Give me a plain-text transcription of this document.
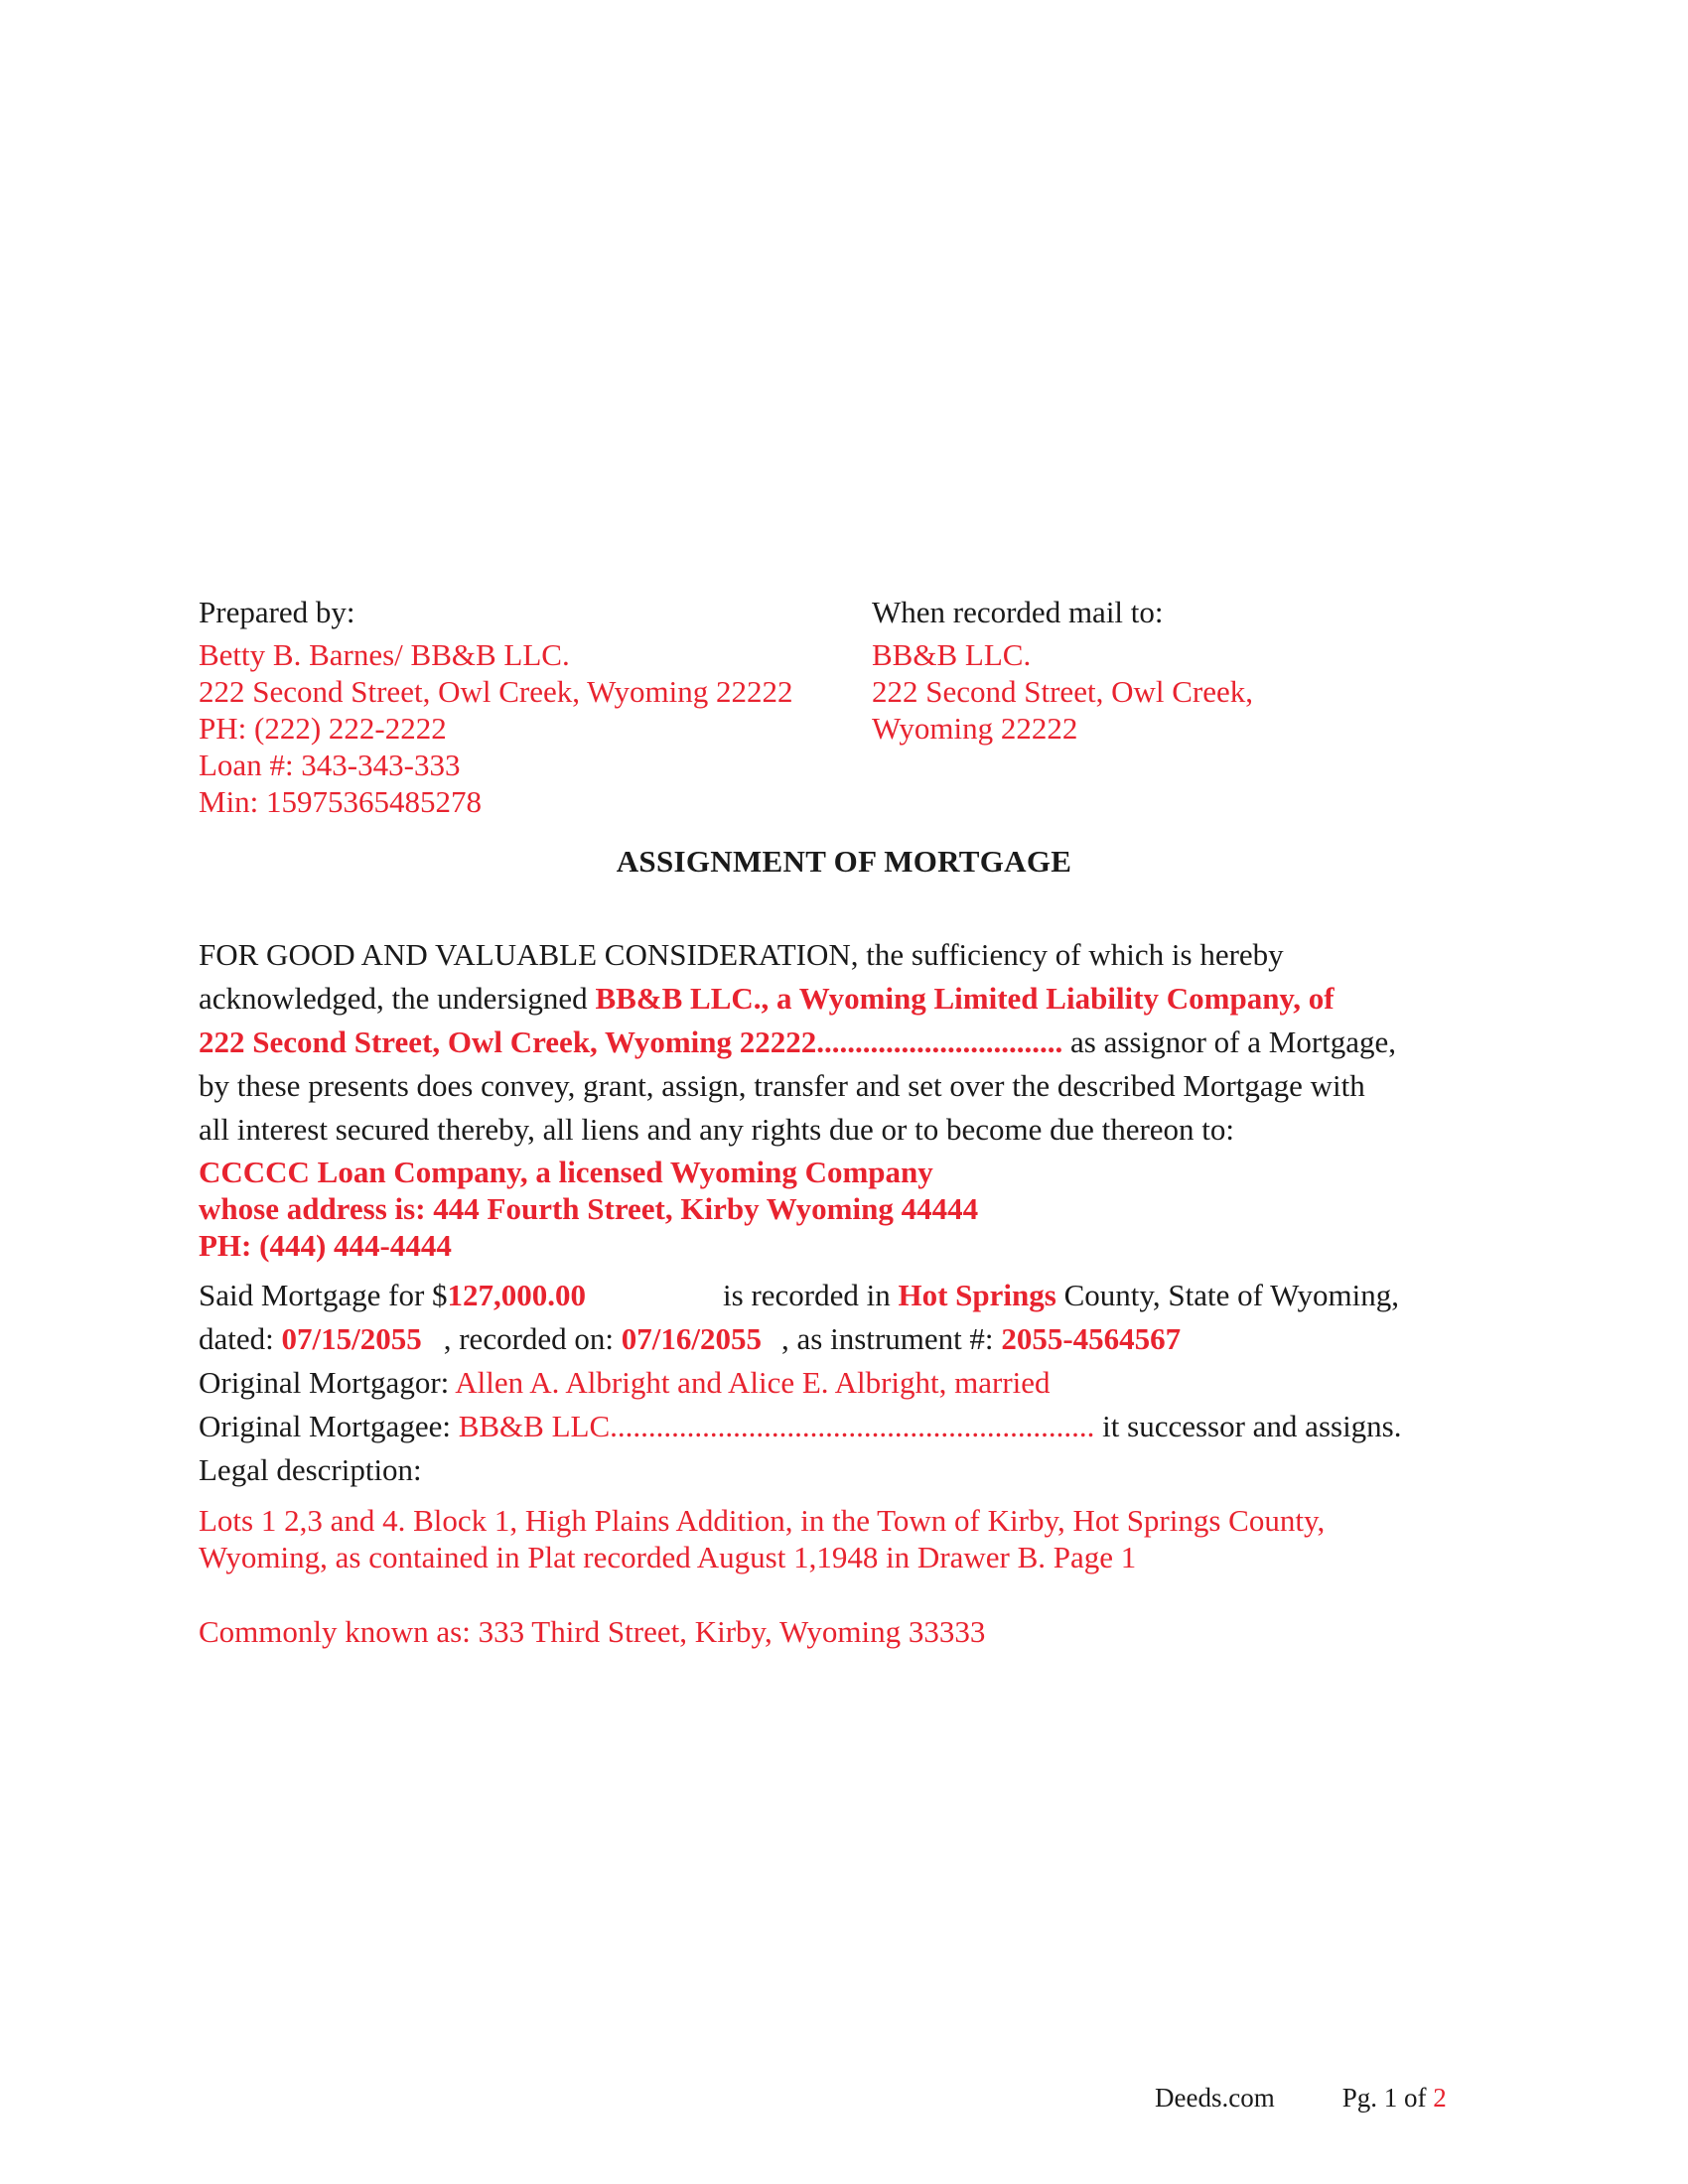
Prepared by:
Betty B. Barnes/ BB&B LLC.
222 Second Street, Owl Creek, Wyoming 22222
PH: (222) 222-2222
Loan #: 343-343-333
Min: 15975365485278
When recorded mail to:
BB&B LLC.
222 Second Street, Owl Creek,
Wyoming 22222
ASSIGNMENT OF MORTGAGE
FOR GOOD AND VALUABLE CONSIDERATION, the sufficiency of which is hereby
acknowledged, the undersigned BB&B LLC., a Wyoming Limited Liability Company, of
222 Second Street, Owl Creek, Wyoming 22222................................ as assignor of a Mortgage,
by these presents does convey, grant, assign, transfer and set over the described Mortgage with
all interest secured thereby, all liens and any rights due or to become due thereon to:
CCCCC Loan Company, a licensed Wyoming Company
whose address is: 444 Fourth Street, Kirby Wyoming 44444
PH: (444) 444-4444
Said Mortgage for $127,000.00	is recorded in Hot Springs County, State of Wyoming,
dated: 07/15/2055 , recorded on: 07/16/2055 , as instrument #: 2055-4564567
Original Mortgagor: Allen A. Albright and Alice E. Albright, married
Original Mortgagee: BB&B LLC............................................................... it successor and assigns.
Legal description:
Lots 1 2,3 and 4. Block 1, High Plains Addition, in the Town of Kirby, Hot Springs County,
Wyoming, as contained in Plat recorded August 1,1948 in Drawer B. Page 1
Commonly known as: 333 Third Street, Kirby, Wyoming 33333
Deeds.com	Pg. 1 of 2
